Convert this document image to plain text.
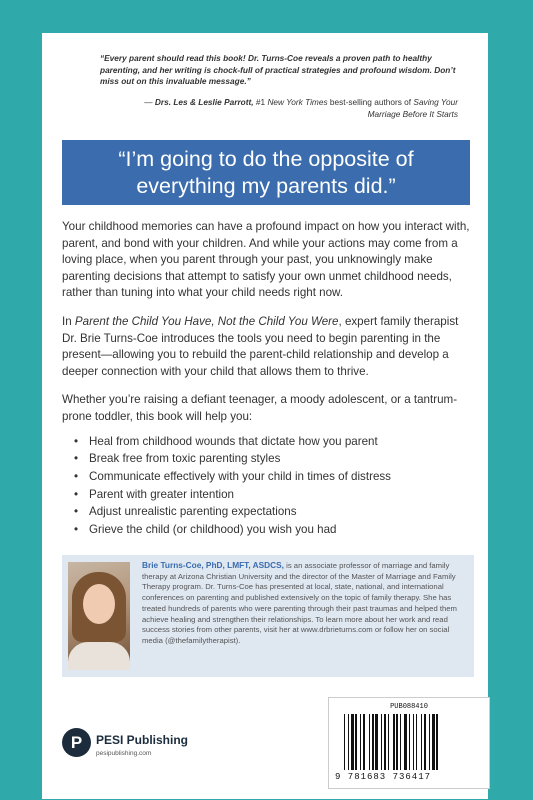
“Every parent should read this book! Dr. Turns-Coe reveals a proven path to healthy parenting, and her writing is chock-full of practical strategies and profound wisdom. Don’t miss out on this invaluable message.”
— Drs. Les & Leslie Parrott, #1 New York Times best-selling authors of Saving Your Marriage Before It Starts
“I’m going to do the opposite of everything my parents did.”

Your childhood memories can have a profound impact on how you interact with, parent, and bond with your children. And while your actions may come from a loving place, when you parent through your past, you unknowingly make parenting decisions that attempt to satisfy your own unmet childhood needs, rather than tuning into what your child needs right now.

In Parent the Child You Have, Not the Child You Were, expert family therapist Dr. Brie Turns-Coe introduces the tools you need to begin parenting in the present—allowing you to rebuild the parent-child relationship and develop a deeper connection with your child that allows them to thrive.

Whether you’re raising a defiant teenager, a moody adolescent, or a tantrum-prone toddler, this book will help you:

• Heal from childhood wounds that dictate how you parent
• Break free from toxic parenting styles
• Communicate effectively with your child in times of distress
• Parent with greater intention
• Adjust unrealistic parenting expectations
• Grieve the child (or childhood) you wish you had
Brie Turns-Coe, PhD, LMFT, ASDCS, is an associate professor of marriage and family therapy at Arizona Christian University and the director of the Master of Marriage and Family Therapy program. Dr. Turns-Coe has presented at local, state, national, and international conferences on parenting and published extensively on the topic of family therapy. She has treated hundreds of parents who were parenting through their past traumas and helped them achieve healing and strengthen their relationships. To learn more about her work and read success stories from other parents, visit her at www.drbrieturns.com or follow her on social media (@thefamilytherapist).
P	PESI Publishing
pesipublishing.com
PUB088410
9 781683 736417
